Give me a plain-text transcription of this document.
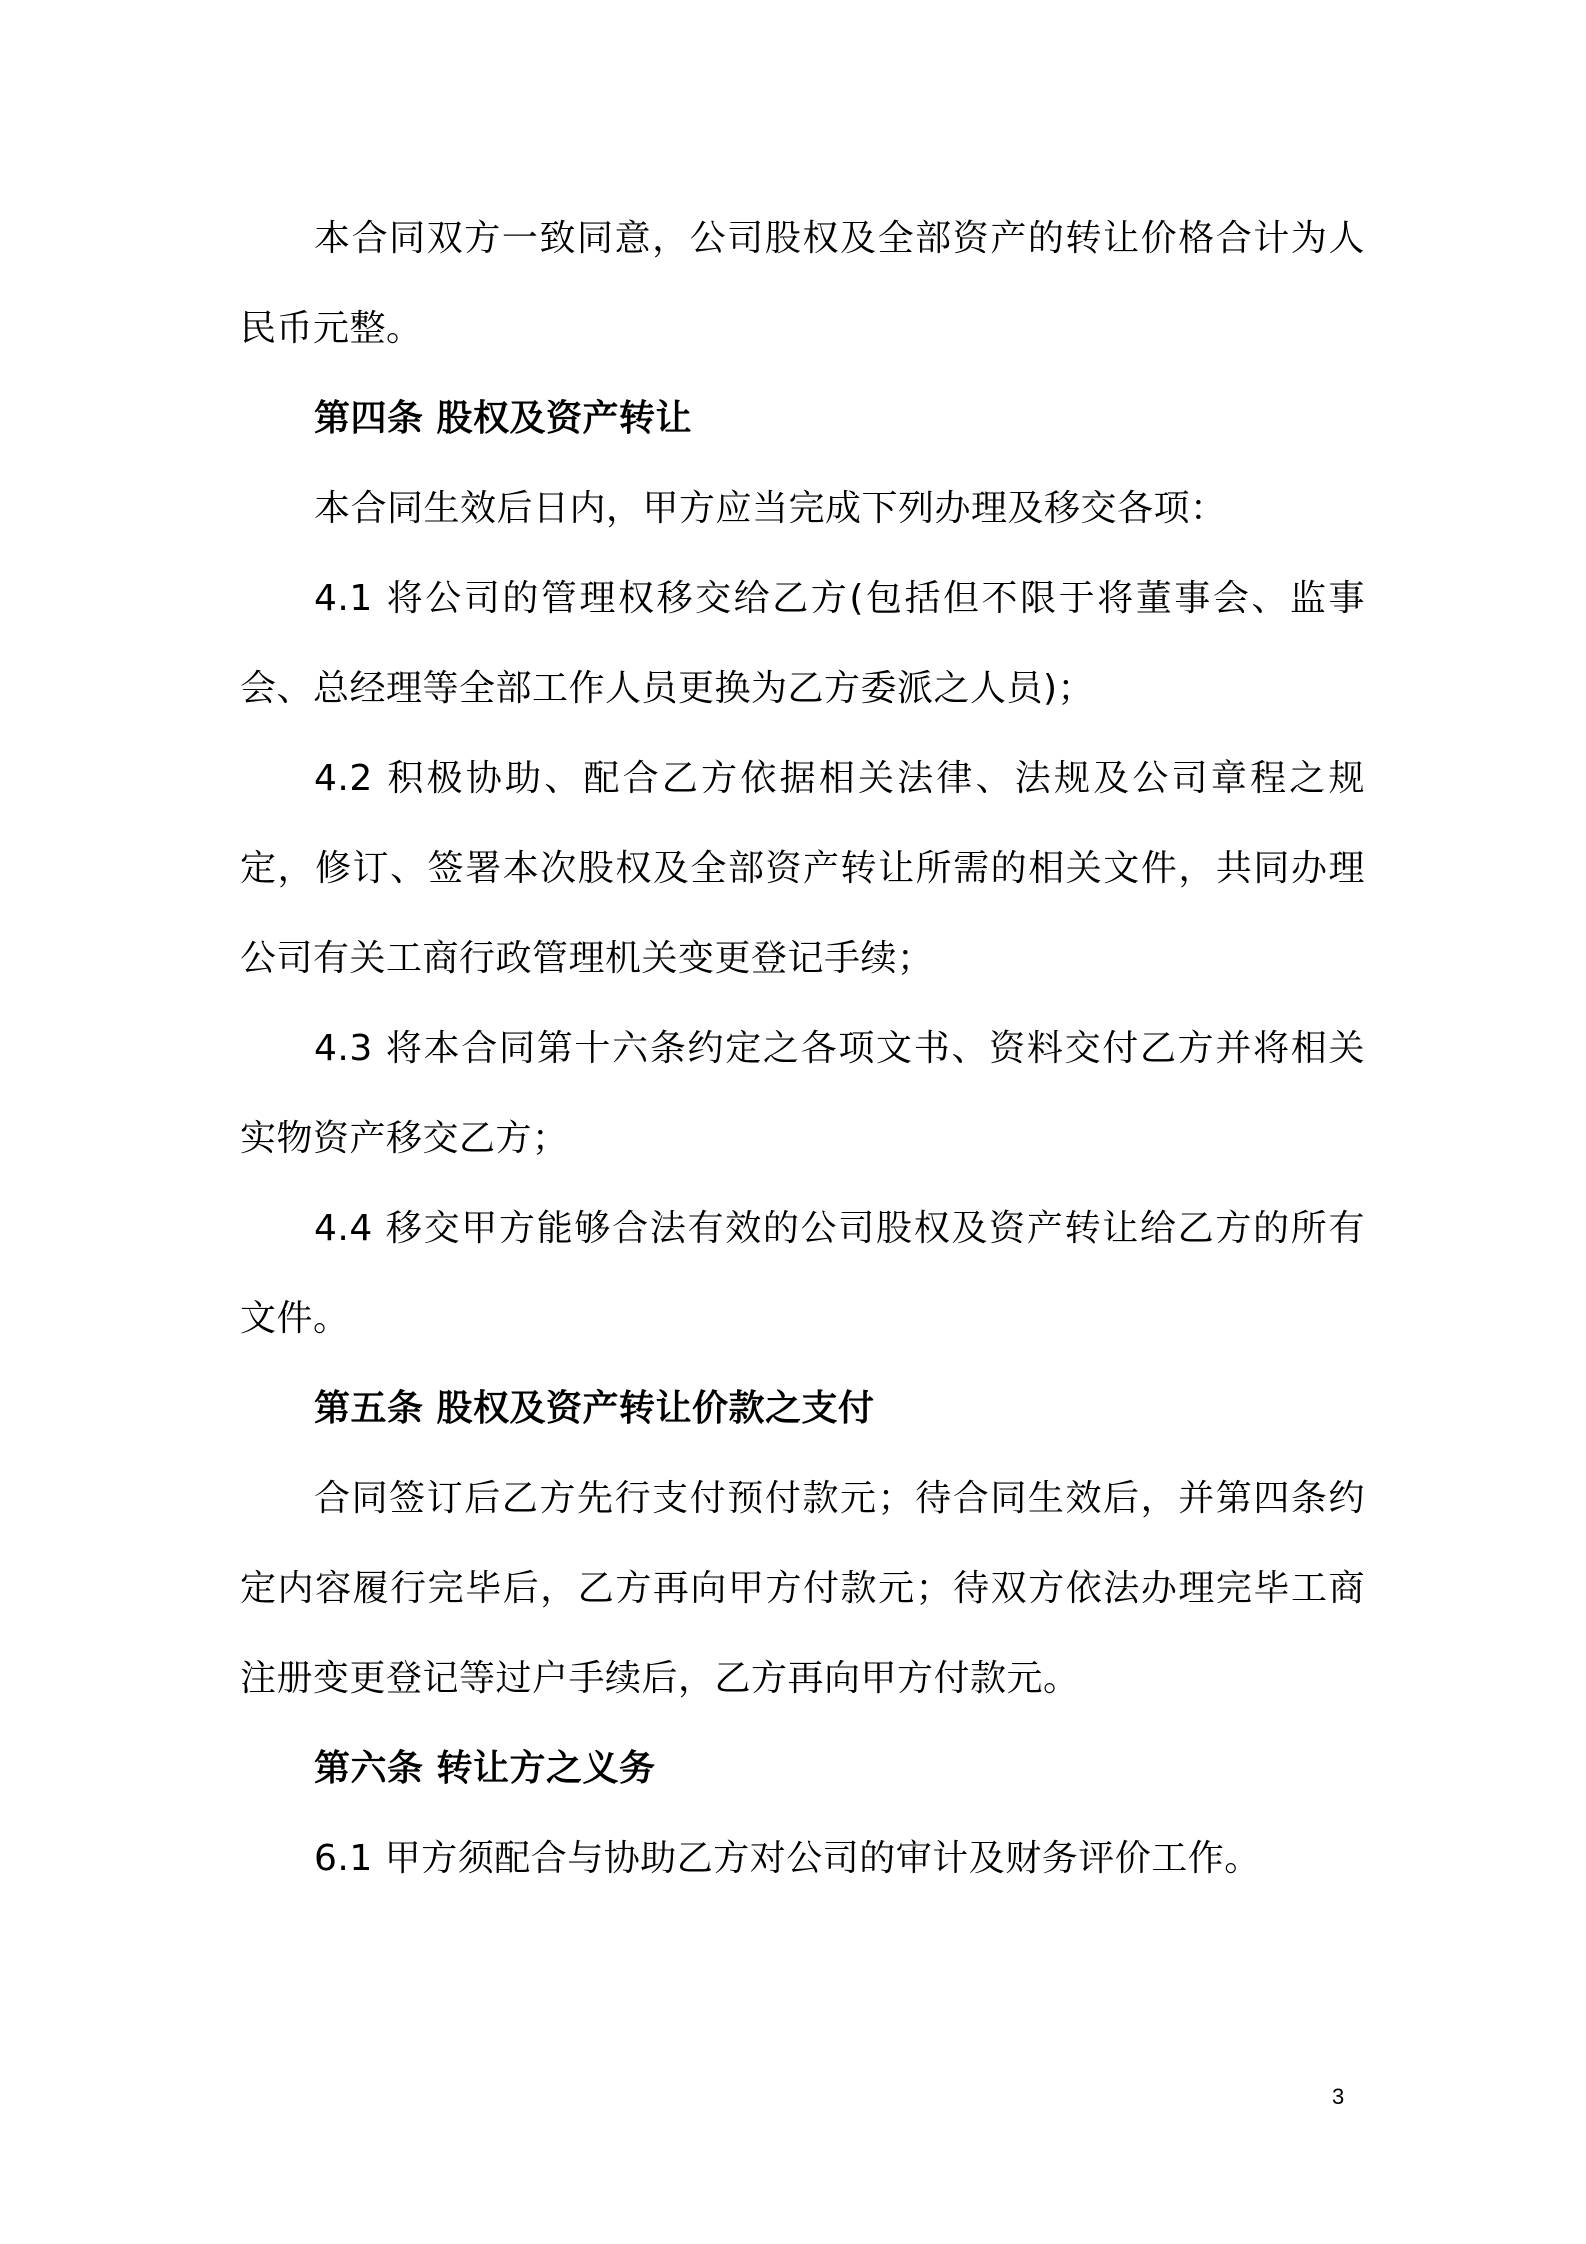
本合同双方一致同意，公司股权及全部资产的转让价格合计为人民币元整。

第四条 股权及资产转让

本合同生效后日内，甲方应当完成下列办理及移交各项：

4.1 将公司的管理权移交给乙方(包括但不限于将董事会、监事会、总经理等全部工作人员更换为乙方委派之人员)；

4.2 积极协助、配合乙方依据相关法律、法规及公司章程之规定，修订、签署本次股权及全部资产转让所需的相关文件，共同办理公司有关工商行政管理机关变更登记手续；

4.3 将本合同第十六条约定之各项文书、资料交付乙方并将相关实物资产移交乙方；

4.4 移交甲方能够合法有效的公司股权及资产转让给乙方的所有文件。

第五条 股权及资产转让价款之支付

合同签订后乙方先行支付预付款元；待合同生效后，并第四条约定内容履行完毕后，乙方再向甲方付款元；待双方依法办理完毕工商注册变更登记等过户手续后，乙方再向甲方付款元。

第六条 转让方之义务

6.1 甲方须配合与协助乙方对公司的审计及财务评价工作。

3
